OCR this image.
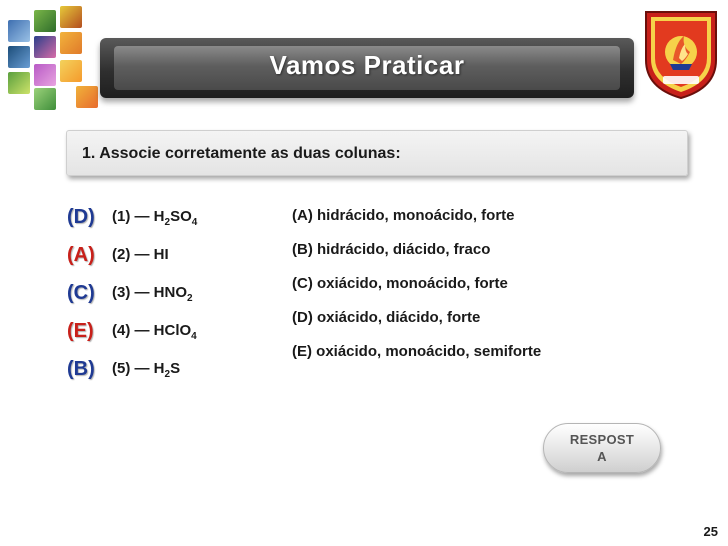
Vamos Praticar
1. Associe corretamente as duas colunas:
(D) (1) — $H_2SO_4$
(A) (2) — HI
(C) (3) — $HNO_2$
(E) (4) — HClO$_4$
(B) (5) — $H_2S$
(A) hidrácido, monoácido, forte
(B) hidrácido, diácido, fraco
(C) oxiácido, monoácido, forte
(D) oxiácido, diácido, forte
(E) oxiácido, monoácido, semiforte
RESPOSTA
25
